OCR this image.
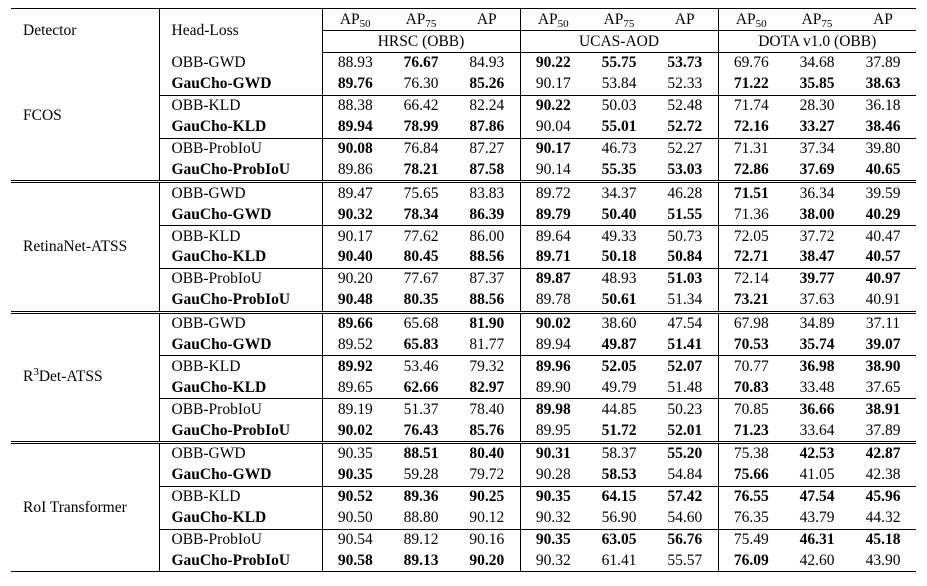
Detector	Head-Loss	$AP_{50}$	$AP_{75}$	AP	$AP_{50}$	$AP_{75}$	AP	$AP_{50}$	$AP_{75}$	AP
		HRSC (OBB)			UCAS-AOD			DOTA v1.0 (OBB)		
FCOS	OBB-GWD	88.93	76.67	84.93	90.22	55.75	53.73	69.76	34.68	37.89
	GauCho-GWD	89.76	76.30	85.26	90.17	53.84	52.33	71.22	35.85	38.63
	OBB-KLD	88.38	66.42	82.24	90.22	50.03	52.48	71.74	28.30	36.18
	GauCho-KLD	89.94	78.99	87.86	90.04	55.01	52.72	72.16	33.27	38.46
	OBB-ProbIoU	90.08	76.84	87.27	90.17	46.73	52.27	71.31	37.34	39.80
	GauCho-ProbIoU	89.86	78.21	87.58	90.14	55.35	53.03	72.86	37.69	40.65
RetinaNet-ATSS	OBB-GWD	89.47	75.65	83.83	89.72	34.37	46.28	71.51	36.34	39.59
	GauCho-GWD	90.32	78.34	86.39	89.79	50.40	51.55	71.36	38.00	40.29
	OBB-KLD	90.17	77.62	86.00	89.64	49.33	50.73	72.05	37.72	40.47
	GauCho-KLD	90.40	80.45	88.56	89.71	50.18	50.84	72.71	38.47	40.57
	OBB-ProbIoU	90.20	77.67	87.37	89.87	48.93	51.03	72.14	39.77	40.97
	GauCho-ProbIoU	90.48	80.35	88.56	89.78	50.61	51.34	73.21	37.63	40.91
$R^3Det$-ATSS	OBB-GWD	89.66	65.68	81.90	90.02	38.60	47.54	67.98	34.89	37.11
	GauCho-GWD	89.52	65.83	81.77	89.94	49.87	51.41	70.53	35.74	39.07
	OBB-KLD	89.92	53.46	79.32	89.96	52.05	52.07	70.77	36.98	38.90
	GauCho-KLD	89.65	62.66	82.97	89.90	49.79	51.48	70.83	33.48	37.65
	OBB-ProbIoU	89.19	51.37	78.40	89.98	44.85	50.23	70.85	36.66	38.91
	GauCho-ProbIoU	90.02	76.43	85.76	89.95	51.72	52.01	71.23	33.64	37.89
RoI Transformer	OBB-GWD	90.35	88.51	80.40	90.31	58.37	55.20	75.38	42.53	42.87
	GauCho-GWD	90.35	59.28	79.72	90.28	58.53	54.84	75.66	41.05	42.38
	OBB-KLD	90.52	89.36	90.25	90.35	64.15	57.42	76.55	47.54	45.96
	GauCho-KLD	90.50	88.80	90.12	90.32	56.90	54.60	76.35	43.79	44.32
	OBB-ProbIoU	90.54	89.12	90.16	90.35	63.05	56.76	75.49	46.31	45.18
	GauCho-ProbIoU	90.58	89.13	90.20	90.32	61.41	55.57	76.09	42.60	43.90
